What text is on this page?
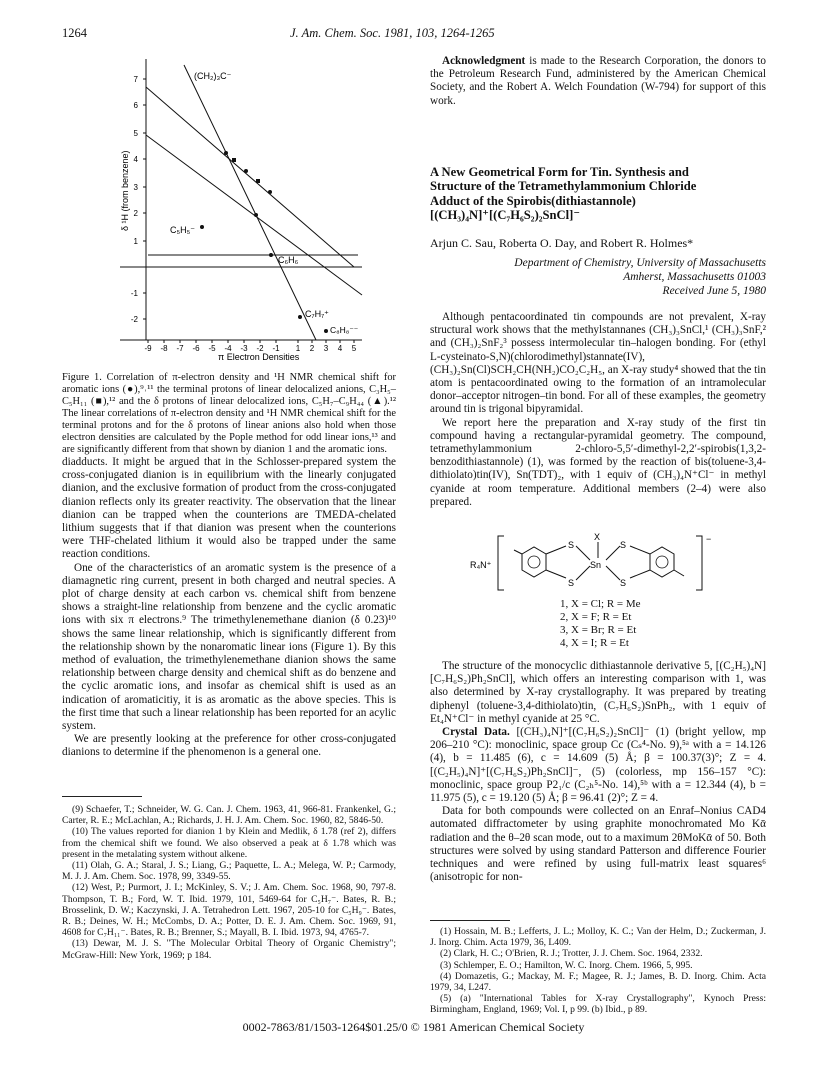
1264	J. Am. Chem. Soc. 1981, 103, 1264-1265
7
6
5
4
3
2
1
-1
-2
-9 -8 -7 -6 -5 -4 -3 -2 -1 1 2 3 4 5
(CH₂)₃C⁻
C₅H₅⁻
C₆H₆
C₇H₇⁺
C₈H₈⁻⁻
δ ¹H (from benzene)
π Electron Densities
Figure 1. Correlation of π-electron density and ¹H NMR chemical shift for aromatic ions (●),⁹˒¹¹ the terminal protons of linear delocalized anions, C₃H₅–C₅H₁₁ (■),¹² and the δ protons of linear delocalized ions, C₅H₇–C₉H₄₄ (▲).¹² The linear correlations of π-electron density and ¹H NMR chemical shift for the terminal protons and for the δ protons of linear anions also hold when those electron densities are calculated by the Pople method for odd linear ions,¹³ and are significantly different from that shown by dianion 1 and the aromatic ions.

diadducts. It might be argued that in the Schlosser-prepared system the cross-conjugated dianion is in equilibrium with the linearly conjugated dianion, and the exclusive formation of product from the cross-conjugated dianion reflects only its greater reactivity. The observation that the linear dianion can be trapped when the counterions are TMEDA-chelated lithium suggests that if that dianion was present when the counterions were THF-chelated lithium it would also be trapped under the same reaction conditions.

One of the characteristics of an aromatic system is the presence of a diamagnetic ring current, present in both charged and neutral species. A plot of charge density at each carbon vs. chemical shift from benzene shows a straight-line relationship from benzene and the cyclic aromatic ions with six π electrons.⁹ The trimethylenemethane dianion (δ 0.23)¹⁰ shows the same linear relationship, which is significantly different from the relationship shown by the nonaromatic linear ions (Figure 1). By this method of evaluation, the trimethylenemethane dianion shows the same relationship between charge density and chemical shift as do benzene and the cyclic aromatic ions, and insofar as chemical shift is used as an indication of aromaticitiy, it is as aromatic as the above species. This is the first time that such a linear relationship has been reported for an acylic system.

We are presently looking at the preference for other cross-conjugated dianions to determine if the phenomenon is a general one.

(9) Schaefer, T.; Schneider, W. G. Can. J. Chem. 1963, 41, 966-81. Frankenkel, G.; Carter, R. E.; McLachlan, A.; Richards, J. H. J. Am. Chem. Soc. 1960, 82, 5846-50.

(10) The values reported for dianion 1 by Klein and Medlik, δ 1.78 (ref 2), differs from the chemical shift we found. We also observed a peak at δ 1.78 which was present in the metalating system without alkene.

(11) Olah, G. A.; Staral, J. S.; Liang, G.; Paquette, L. A.; Melega, W. P.; Carmody, M. J. J. Am. Chem. Soc. 1978, 99, 3349-55.

(12) West, P.; Purmort, J. I.; McKinley, S. V.; J. Am. Chem. Soc. 1968, 90, 797-8. Thompson, T. B.; Ford, W. T. Ibid. 1979, 101, 5469-64 for C₅H₇⁻. Bates, R. B.; Brosselink, D. W.; Kaczynski, J. A. Tetrahedron Lett. 1967, 205-10 for C₅H₉⁻. Bates, R. B.; Deines, W. H.; McCombs, D. A.; Potter, D. E. J. Am. Chem. Soc. 1969, 91, 4608 for C₇H₁₁⁻. Bates, R. B.; Brenner, S.; Mayall, B. I. Ibid. 1973, 94, 4765-7.

(13) Dewar, M. J. S. "The Molecular Orbital Theory of Organic Chemistry"; McGraw-Hill: New York, 1969; p 184.

Acknowledgment is made to the Research Corporation, the donors to the Petroleum Research Fund, administered by the American Chemical Society, and the Robert A. Welch Foundation (W-794) for support of this work.

A New Geometrical Form for Tin. Synthesis and
Structure of the Tetramethylammonium Chloride
Adduct of the Spirobis(dithiastannole)
[(CH₃)₄N]⁺[(C₇H₆S₂)₂SnCl]⁻
Arjun C. Sau, Roberta O. Day, and Robert R. Holmes*
Department of Chemistry, University of Massachusetts
Amherst, Massachusetts 01003
Received June 5, 1980

Although pentacoordinated tin compounds are not prevalent, X-ray structural work shows that the methylstannanes (CH₃)₃SnCl,¹ (CH₃)₃SnF,² and (CH₃)₂SnF₂³ possess intermolecular tin–halogen bonding. For (ethyl L-cysteinato-S,N)(chlorodimethyl)stannate(IV), (CH₃)₂Sn(Cl)SCH₂CH(NH₂)CO₂C₂H₅, an X-ray study⁴ showed that the tin atom is pentacoordinated owing to the formation of an intramolecular donor–acceptor nitrogen–tin bond. For all of these examples, the geometry around tin is trigonal bipyramidal.

We report here the preparation and X-ray study of the first tin compound having a rectangular-pyramidal geometry. The compound, tetramethylammonium 2-chloro-5,5′-dimethyl-2,2′-spirobis(1,3,2-benzodithiastannole) (1), was formed by the reaction of bis(toluene-3,4-dithiolato)tin(IV), Sn(TDT)₂, with 1 equiv of (CH₃)₄N⁺Cl⁻ in methyl cyanide at room temperature. Additional members (2–4) were also prepared.

R₄N⁺
−
S
S
Sn
X
S
S
1, X = Cl; R = Me
2, X = F; R = Et
3, X = Br; R = Et
4, X = I; R = Et

The structure of the monocyclic dithiastannole derivative 5, [(C₂H₅)₄N][C₇H₆S₂)Ph₂SnCl], which offers an interesting comparison with 1, was also determined by X-ray crystallography. It was prepared by treating diphenyl (toluene-3,4-dithiolato)tin, (C₇H₆S₂)SnPh₂, with 1 equiv of Et₄N⁺Cl⁻ in methyl cyanide at 25 °C.

Crystal Data. [(CH₃)₄N]⁺[(C₇H₆S₂)₂SnCl]⁻ (1) (bright yellow, mp 206–210 °C): monoclinic, space group Cc (Cₛ⁴-No. 9),⁵ᵃ with a = 14.126 (4), b = 11.485 (6), c = 14.609 (5) Å; β = 100.37(3)°; Z = 4. [(C₂H₅)₄N]⁺[(C₇H₆S₂)Ph₂SnCl]⁻, (5) (colorless, mp 156–157 °C): monoclinic, space group P2₁/c (C₂ₕ⁵-No. 14),⁵ᵇ with a = 12.344 (4), b = 11.975 (5), c = 19.120 (5) Å; β = 96.41 (2)°; Z = 4.

Data for both compounds were collected on an Enraf–Nonius CAD4 automated diffractometer by using graphite monochromated Mo Kᾱ radiation and the θ–2θ scan mode, out to a maximum 2θMoKᾱ of 50. Both structures were solved by using standard Patterson and difference Fourier techniques and were refined by using full-matrix least squares⁶ (anisotropic for non-

(1) Hossain, M. B.; Lefferts, J. L.; Molloy, K. C.; Van der Helm, D.; Zuckerman, J. J. Inorg. Chim. Acta 1979, 36, L409.

(2) Clark, H. C.; O'Brien, R. J.; Trotter, J. J. Chem. Soc. 1964, 2332.

(3) Schlemper, E. O.; Hamilton, W. C. Inorg. Chem. 1966, 5, 995.

(4) Domazetis, G.; Mackay, M. F.; Magee, R. J.; James, B. D. Inorg. Chim. Acta 1979, 34, L247.

(5) (a) "International Tables for X-ray Crystallography", Kynoch Press: Birmingham, England, 1969; Vol. I, p 99. (b) Ibid., p 89.

0002-7863/81/1503-1264$01.25/0 © 1981 American Chemical Society
